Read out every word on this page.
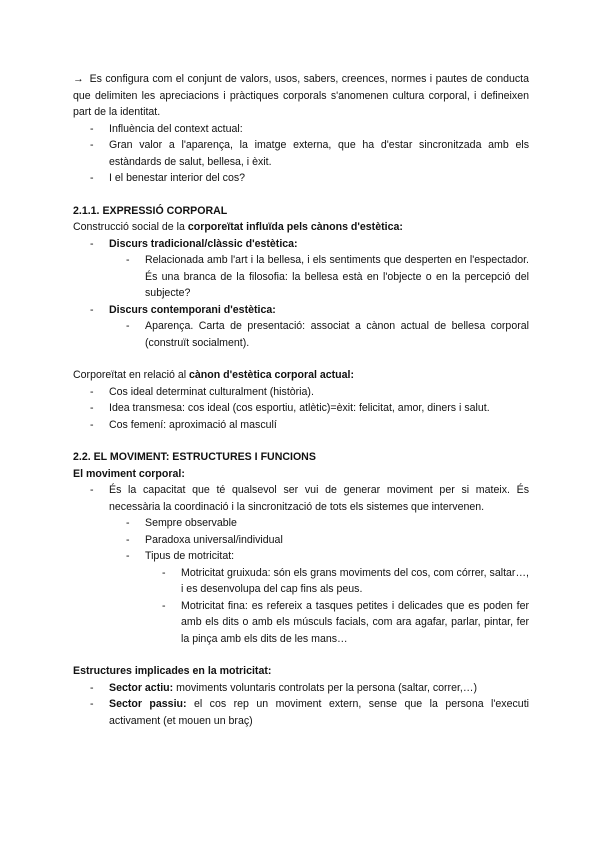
→ Es configura com el conjunt de valors, usos, sabers, creences, normes i pautes de conducta que delimiten les apreciacions i pràctiques corporals s'anomenen cultura corporal, i defineixen part de la identitat.

- Influència del context actual:

- Gran valor a l'aparença, la imatge externa, que ha d'estar sincronitzada amb els estàndards de salut, bellesa, i èxit.

- I el benestar interior del cos?

2.1.1. EXPRESSIÓ CORPORAL

Construcció social de la corporeïtat influïda pels cànons d'estètica:

- Discurs tradicional/clàssic d'estètica:

- Relacionada amb l'art i la bellesa, i els sentiments que desperten en l'espectador. És una branca de la filosofia: la bellesa està en l'objecte o en la percepció del subjecte?

- Discurs contemporani d'estètica:

- Aparença. Carta de presentació: associat a cànon actual de bellesa corporal (construït socialment).

Corporeïtat en relació al cànon d'estètica corporal actual:

- Cos ideal determinat culturalment (història).

- Idea transmesa: cos ideal (cos esportiu, atlètic)=èxit: felicitat, amor, diners i salut.

- Cos femení: aproximació al masculí

2.2. EL MOVIMENT: ESTRUCTURES I FUNCIONS

El moviment corporal:

- És la capacitat que té qualsevol ser vui de generar moviment per si mateix. És necessària la coordinació i la sincronització de tots els sistemes que intervenen.

- Sempre observable

- Paradoxa universal/individual

- Tipus de motricitat:

- Motricitat gruixuda: són els grans moviments del cos, com córrer, saltar…, i es desenvolupa del cap fins als peus.

- Motricitat fina: es refereix a tasques petites i delicades que es poden fer amb els dits o amb els músculs facials, com ara agafar, parlar, pintar, fer la pinça amb els dits de les mans…

Estructures implicades en la motricitat:

- Sector actiu: moviments voluntaris controlats per la persona (saltar, correr,…)

- Sector passiu: el cos rep un moviment extern, sense que la persona l'executi activament (et mouen un braç)
